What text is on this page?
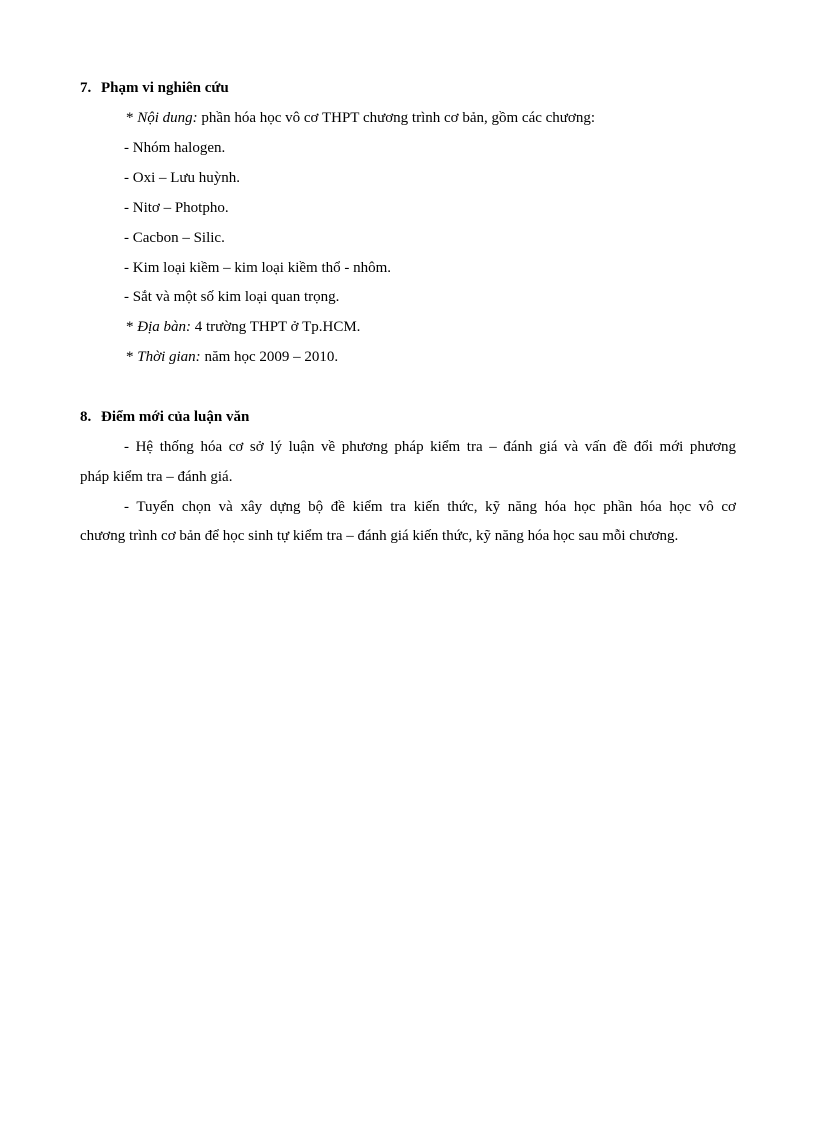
7. Phạm vi nghiên cứu
* Nội dung: phần hóa học vô cơ THPT chương trình cơ bản, gồm các chương:
- Nhóm halogen.
- Oxi – Lưu huỳnh.
- Nitơ – Photpho.
- Cacbon – Silic.
- Kim loại kiềm – kim loại kiềm thổ - nhôm.
- Sắt và một số kim loại quan trọng.
* Địa bàn: 4 trường THPT ở Tp.HCM.
* Thời gian: năm học 2009 – 2010.
8. Điểm mới của luận văn
- Hệ thống hóa cơ sở lý luận về phương pháp kiểm tra – đánh giá và vấn đề đổi mới phương
pháp kiểm tra – đánh giá.
- Tuyển chọn và xây dựng bộ đề kiểm tra kiến thức, kỹ năng hóa học phần hóa học vô cơ
chương trình cơ bản để học sinh tự kiểm tra – đánh giá kiến thức, kỹ năng hóa học sau mỗi chương.
